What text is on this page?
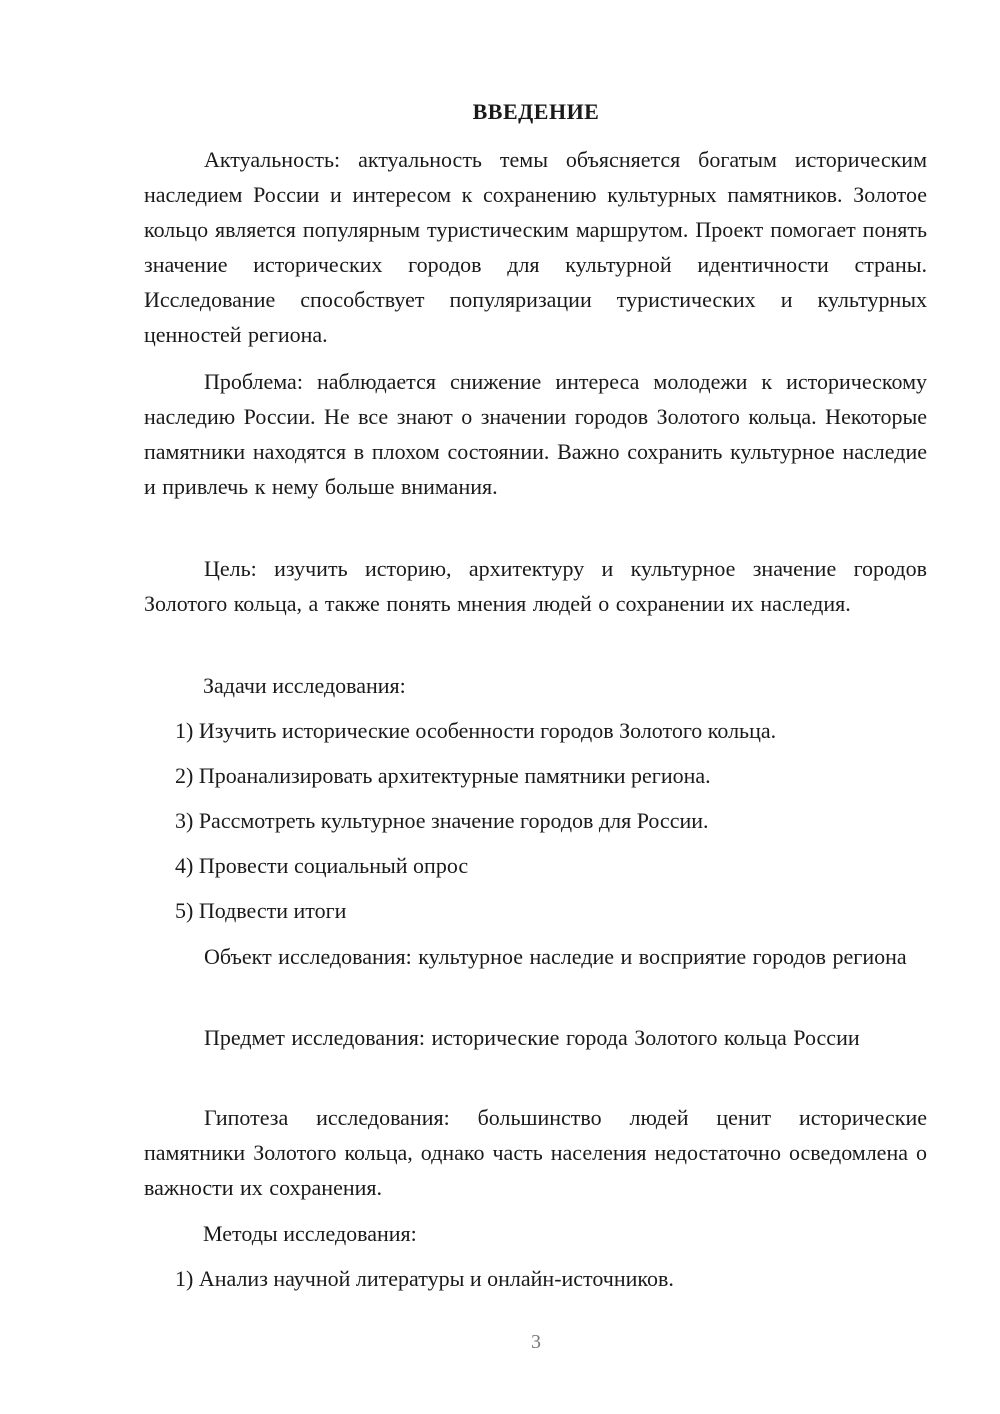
ВВЕДЕНИЕ

Актуальность: актуальность темы объясняется богатым историческим наследием России и интересом к сохранению культурных памятников. Золотое кольцо является популярным туристическим маршрутом. Проект помогает понять значение исторических городов для культурной идентичности страны. Исследование способствует популяризации туристических и культурных ценностей региона.

Проблема: наблюдается снижение интереса молодежи к историческому наследию России. Не все знают о значении городов Золотого кольца. Некоторые памятники находятся в плохом состоянии. Важно сохранить культурное наследие и привлечь к нему больше внимания.

Цель: изучить историю, архитектуру и культурное значение городов Золотого кольца, а также понять мнения людей о сохранении их наследия.

Задачи исследования:

1) Изучить исторические особенности городов Золотого кольца.

2) Проанализировать архитектурные памятники региона.

3) Рассмотреть культурное значение городов для России.

4) Провести социальный опрос

5) Подвести итоги

Объект исследования: культурное наследие и восприятие городов региона

Предмет исследования: исторические города Золотого кольца России

Гипотеза исследования: большинство людей ценит исторические памятники Золотого кольца, однако часть населения недостаточно осведомлена о важности их сохранения.

Методы исследования:

1) Анализ научной литературы и онлайн-источников.

3
